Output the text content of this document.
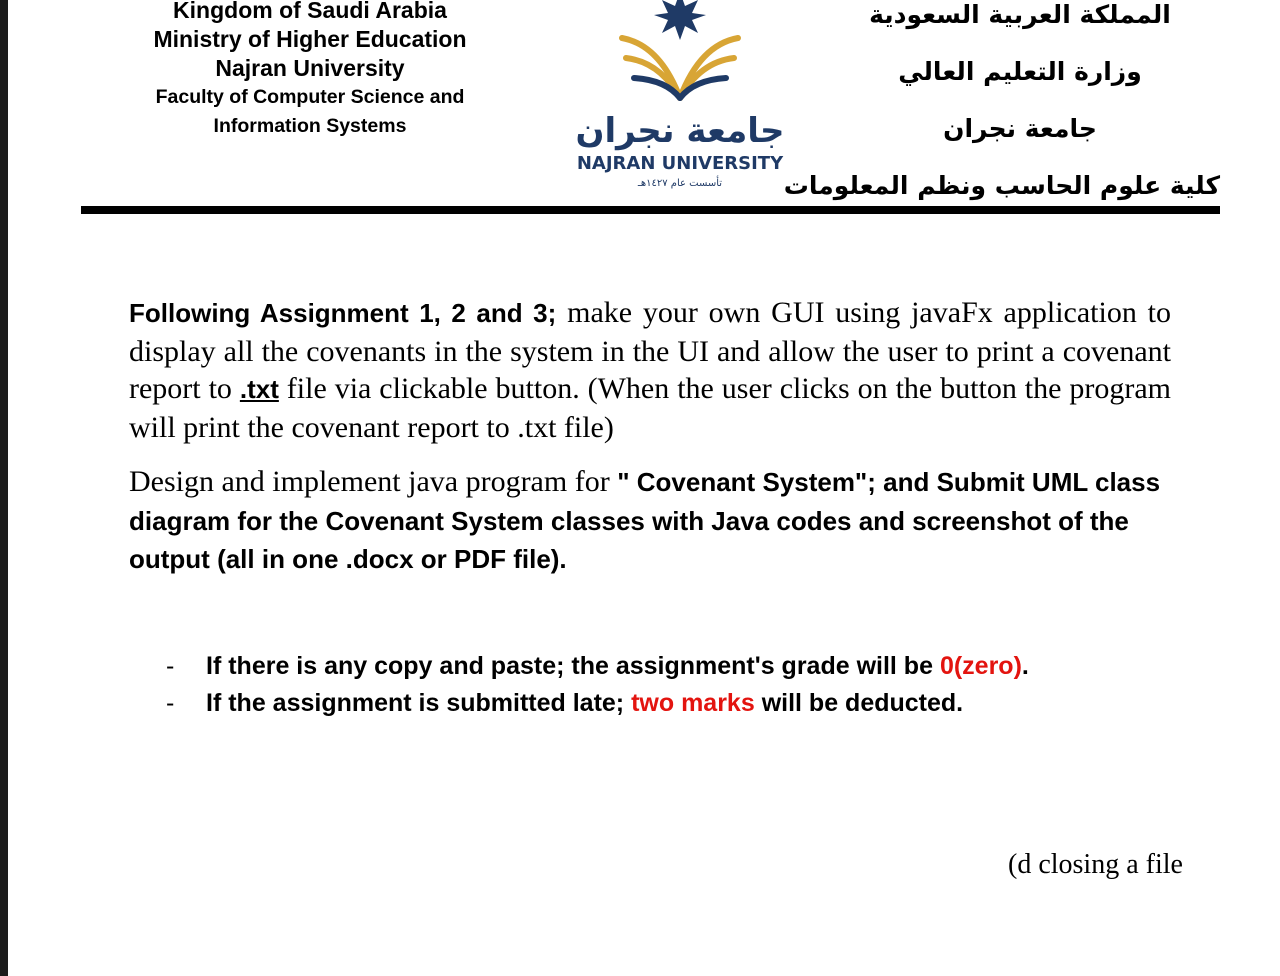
Kingdom of Saudi Arabia
Ministry of Higher Education
Najran University
Faculty of Computer Science and
Information Systems	جامعة نجران
NAJRAN UNIVERSITY
تأسست عام ١٤٢٧هـ
المملكة العربية السعودية
وزارة التعليم العالي
جامعة نجران
كلية علوم الحاسب ونظم المعلومات

Following Assignment 1, 2 and 3; make your own GUI using javaFx application to display all the covenants in the system in the UI and allow the user to print a covenant report to .txt file via clickable button. (When the user clicks on the button the program will print the covenant report to .txt file)

Design and implement java program for " Covenant System"; and Submit UML class diagram for the Covenant System classes with Java codes and screenshot of the output (all in one .docx or PDF file).

- If there is any copy and paste; the assignment's grade will be 0(zero).
- If the assignment is submitted late; two marks will be deducted.
(d closing a file
